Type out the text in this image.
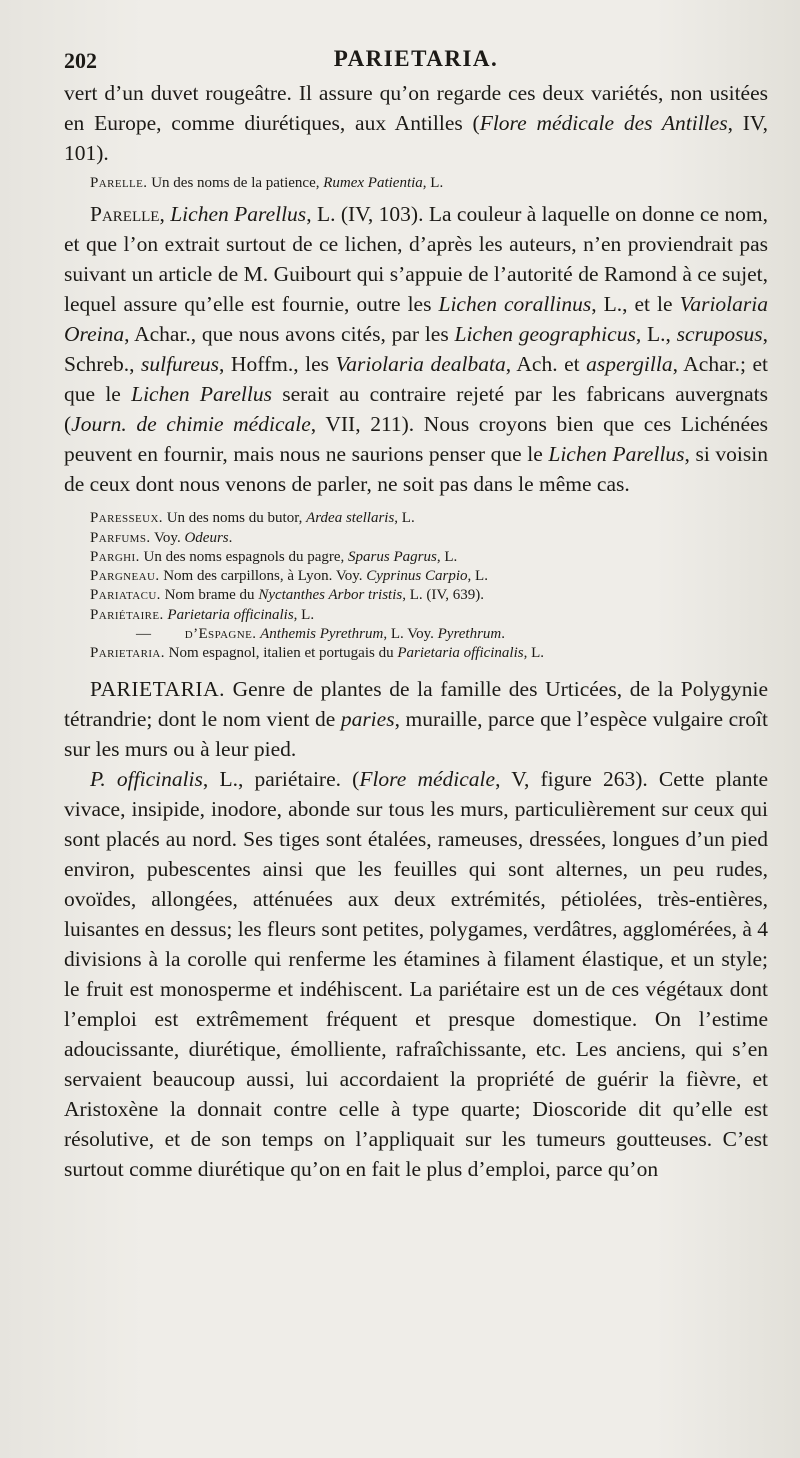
202	PARIETARIA.

vert d’un duvet rougeâtre. Il assure qu’on regarde ces deux variétés, non usitées en Europe, comme diurétiques, aux Antilles (Flore médicale des Antilles, IV, 101).

Parelle. Un des noms de la patience, Rumex Patientia, L.

Parelle, Lichen Parellus, L. (IV, 103). La couleur à laquelle on donne ce nom, et que l’on extrait surtout de ce lichen, d’après les auteurs, n’en proviendrait pas suivant un article de M. Guibourt qui s’appuie de l’autorité de Ramond à ce sujet, lequel assure qu’elle est fournie, outre les Lichen corallinus, L., et le Variolaria Oreina, Achar., que nous avons cités, par les Lichen geographicus, L., scruposus, Schreb., sulfureus, Hoffm., les Variolaria dealbata, Ach. et aspergilla, Achar.; et que le Lichen Parellus serait au contraire rejeté par les fabricans auvergnats (Journ. de chimie médicale, VII, 211). Nous croyons bien que ces Lichénées peuvent en fournir, mais nous ne saurions penser que le Lichen Parellus, si voisin de ceux dont nous venons de parler, ne soit pas dans le même cas.

Paresseux. Un des noms du butor, Ardea stellaris, L.

Parfums. Voy. Odeurs.

Parghi. Un des noms espagnols du pagre, Sparus Pagrus, L.

Pargneau. Nom des carpillons, à Lyon. Voy. Cyprinus Carpio, L.

Pariatacu. Nom brame du Nyctanthes Arbor tristis, L. (IV, 639).

Pariétaire. Parietaria officinalis, L.

— d’Espagne. Anthemis Pyrethrum, L. Voy. Pyrethrum.

Parietaria. Nom espagnol, italien et portugais du Parietaria officinalis, L.

PARIETARIA. Genre de plantes de la famille des Urticées, de la Polygynie tétrandrie; dont le nom vient de paries, muraille, parce que l’espèce vulgaire croît sur les murs ou à leur pied.

P. officinalis, L., pariétaire. (Flore médicale, V, figure 263). Cette plante vivace, insipide, inodore, abonde sur tous les murs, particulièrement sur ceux qui sont placés au nord. Ses tiges sont étalées, rameuses, dressées, longues d’un pied environ, pubescentes ainsi que les feuilles qui sont alternes, un peu rudes, ovoïdes, allongées, atténuées aux deux extrémités, pétiolées, très-entières, luisantes en dessus; les fleurs sont petites, polygames, verdâtres, agglomérées, à 4 divisions à la corolle qui renferme les étamines à filament élastique, et un style; le fruit est monosperme et indéhiscent. La pariétaire est un de ces végétaux dont l’emploi est extrêmement fréquent et presque domestique. On l’estime adoucissante, diurétique, émolliente, rafraîchissante, etc. Les anciens, qui s’en servaient beaucoup aussi, lui accordaient la propriété de guérir la fièvre, et Aristoxène la donnait contre celle à type quarte; Dioscoride dit qu’elle est résolutive, et de son temps on l’appliquait sur les tumeurs goutteuses. C’est surtout comme diurétique qu’on en fait le plus d’emploi, parce qu’on
